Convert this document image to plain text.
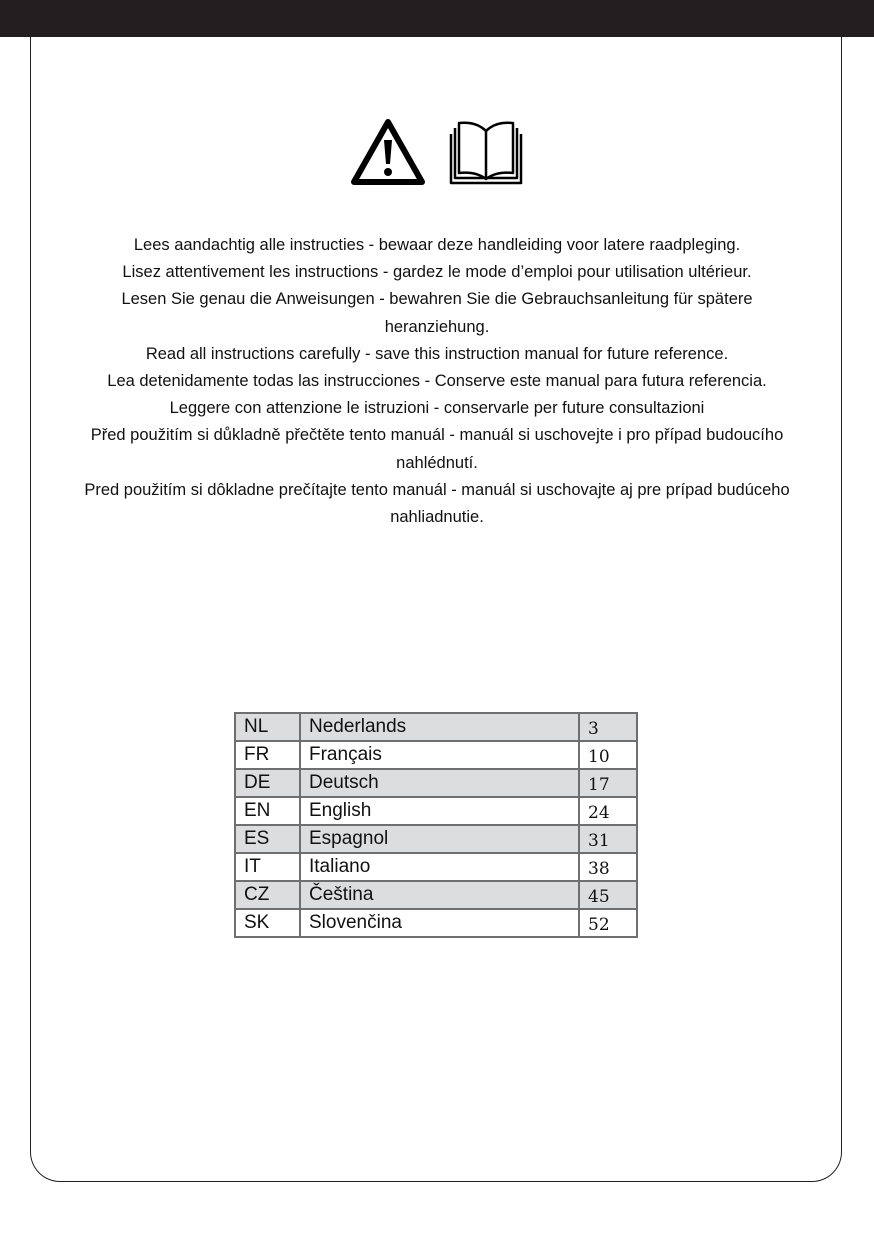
Lees aandachtig alle instructies - bewaar deze handleiding voor latere raadpleging.

Lisez attentivement les instructions - gardez le mode d’emploi pour utilisation ultérieur.

Lesen Sie genau die Anweisungen - bewahren Sie die Gebrauchsanleitung für spätere heranziehung.

Read all instructions carefully - save this instruction manual for future reference.

Lea detenidamente todas las instrucciones - Conserve este manual para futura referencia.

Leggere con attenzione le istruzioni - conservarle per future consultazioni

Před použitím si důkladně přečtěte tento manuál - manuál si uschovejte i pro případ budoucího nahlédnutí.

Pred použitím si dôkladne prečítajte tento manuál - manuál si uschovajte aj pre prípad budúceho nahliadnutie.

NL	Nederlands	3
FR	Français	10
DE	Deutsch	17
EN	English	24
ES	Espagnol	31
IT	Italiano	38
CZ	Čeština	45
SK	Slovenčina	52
